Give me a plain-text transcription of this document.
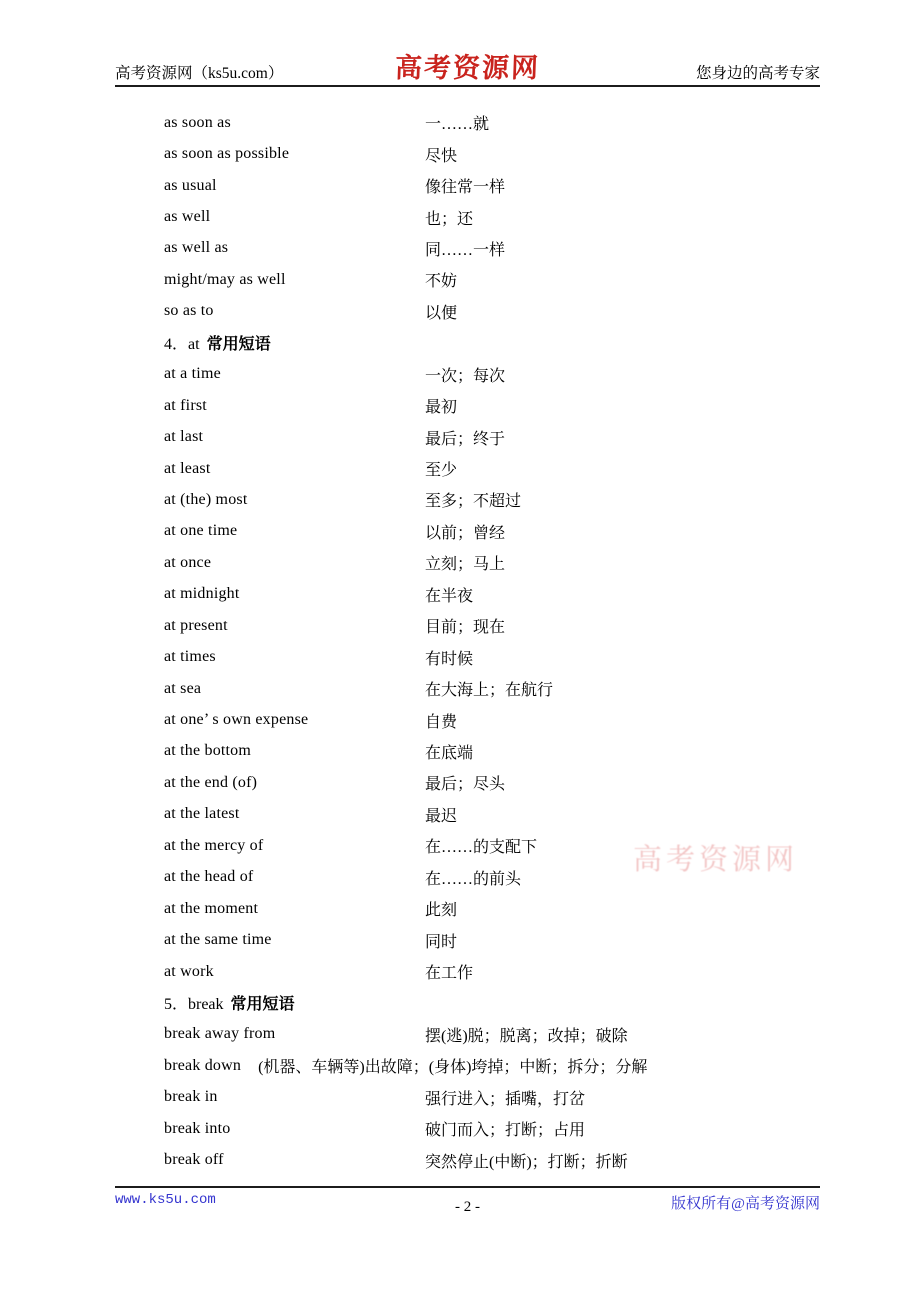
高考资源网（ks5u.com）	高考资源网	您身边的高考专家
as soon as	一……就
as soon as possible	尽快
as usual	像往常一样
as well	也；还
as well as	同……一样
might/may as well	不妨
so as to	以便
4．at 常用短语
at a time	一次；每次
at first	最初
at last	最后；终于
at least	至少
at (the) most	至多；不超过
at one time	以前；曾经
at once	立刻；马上
at midnight	在半夜
at present	目前；现在
at times	有时候
at sea	在大海上；在航行
at one’ s own expense	自费
at the bottom	在底端
at the end (of)	最后；尽头
at the latest	最迟
at the mercy of	在……的支配下
at the head of	在……的前头
at the moment	此刻
at the same time	同时
at work	在工作
5．break 常用短语
break away from	摆(逃)脱；脱离；改掉；破除
break down (机器、车辆等)出故障；(身体)垮掉；中断；拆分；分解
break in	强行进入；插嘴，打岔
break into	破门而入；打断；占用
break off	突然停止(中断)；打断；折断
高考资源网
www.ks5u.com	- 2 -	版权所有@高考资源网
